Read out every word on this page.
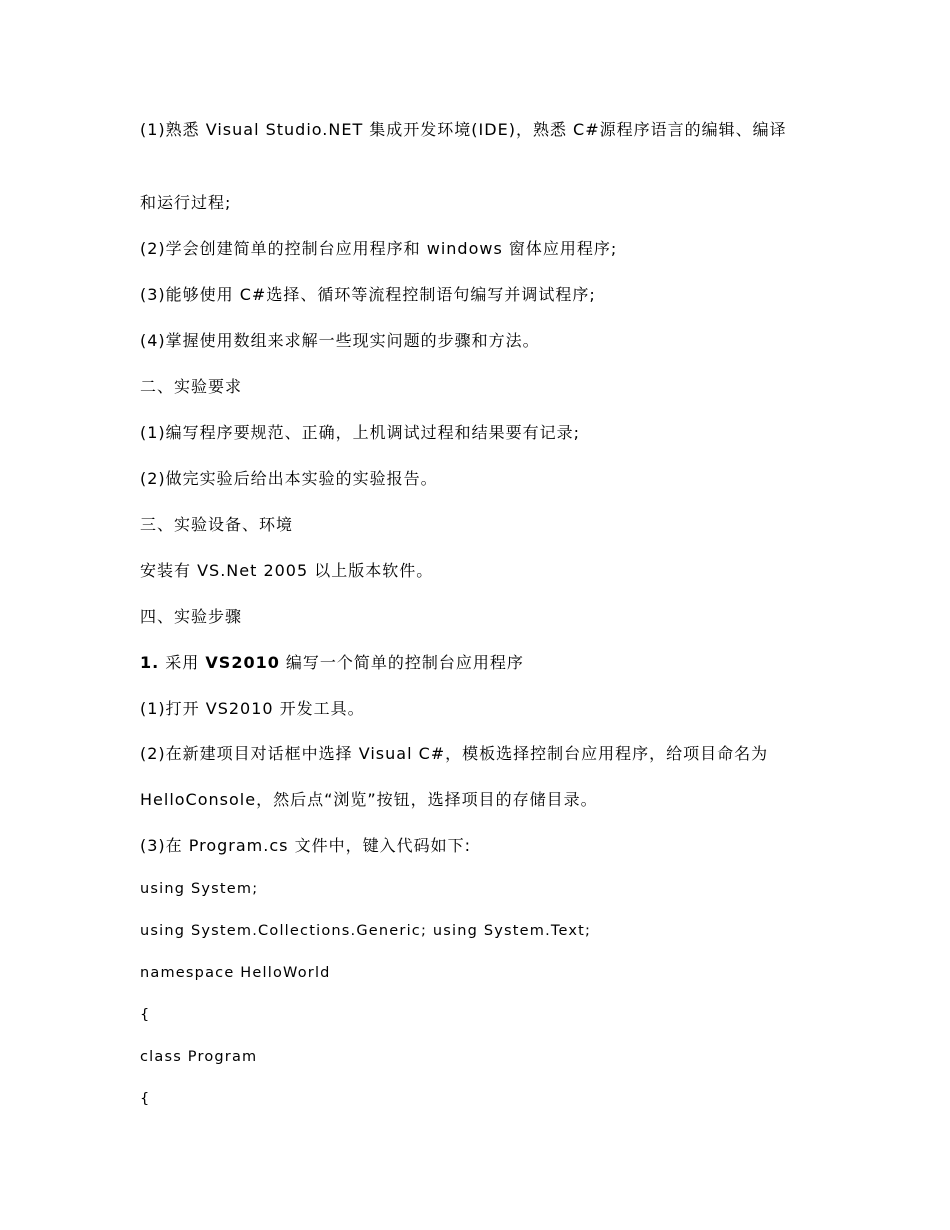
(1)熟悉 Visual Studio.NET 集成开发环境(IDE)，熟悉 C#源程序语言的编辑、编译
和运行过程;
(2)学会创建简单的控制台应用程序和 windows 窗体应用程序;
(3)能够使用 C#选择、循环等流程控制语句编写并调试程序;
(4)掌握使用数组来求解一些现实问题的步骤和方法。
二、实验要求
(1)编写程序要规范、正确，上机调试过程和结果要有记录;
(2)做完实验后给出本实验的实验报告。
三、实验设备、环境
安装有 VS.Net 2005 以上版本软件。
四、实验步骤
1. 采用 VS2010 编写一个简单的控制台应用程序
(1)打开 VS2010 开发工具。
(2)在新建项目对话框中选择 Visual C#，模板选择控制台应用程序，给项目命名为
HelloConsole，然后点“浏览”按钮，选择项目的存储目录。
(3)在 Program.cs 文件中，键入代码如下:
using System;
using System.Collections.Generic; using System.Text;
namespace HelloWorld
{
class Program
{
